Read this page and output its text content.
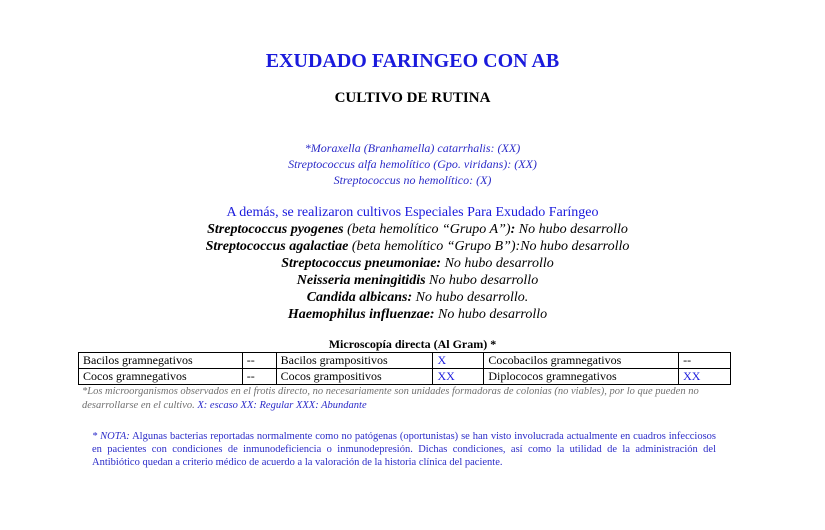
EXUDADO FARINGEO CON AB
CULTIVO DE RUTINA
*Moraxella (Branhamella) catarrhalis: (XX)
Streptococcus alfa hemolítico (Gpo. viridans): (XX)
Streptococcus no hemolítico: (X)
A demás, se realizaron cultivos Especiales Para Exudado Faríngeo
Streptococcus pyogenes (beta hemolítico “Grupo A”): No hubo desarrollo
Streptococcus agalactiae (beta hemolítico “Grupo B”):No hubo desarrollo
Streptococcus pneumoniae: No hubo desarrollo
Neisseria meningitidis No hubo desarrollo
Candida albicans: No hubo desarrollo.
Haemophilus influenzae: No hubo desarrollo
Microscopía directa (Al Gram) *
Bacilos gramnegativos	--	Bacilos grampositivos	X	Cocobacilos gramnegativos	--
Cocos gramnegativos	--	Cocos grampositivos	XX	Diplococos gramnegativos	XX
*Los microorganismos observados en el frotis directo, no necesariamente son unidades formadoras de colonias (no viables), por lo que pueden no desarrollarse en el cultivo. X: escaso XX: Regular XXX: Abundante
* NOTA: Algunas bacterias reportadas normalmente como no patógenas (oportunistas) se han visto involucrada actualmente en cuadros infecciosos en pacientes con condiciones de inmunodeficiencia o inmunodepresión. Dichas condiciones, así como la utilidad de la administración del Antibiótico quedan a criterio médico de acuerdo a la valoración de la historia clínica del paciente.
